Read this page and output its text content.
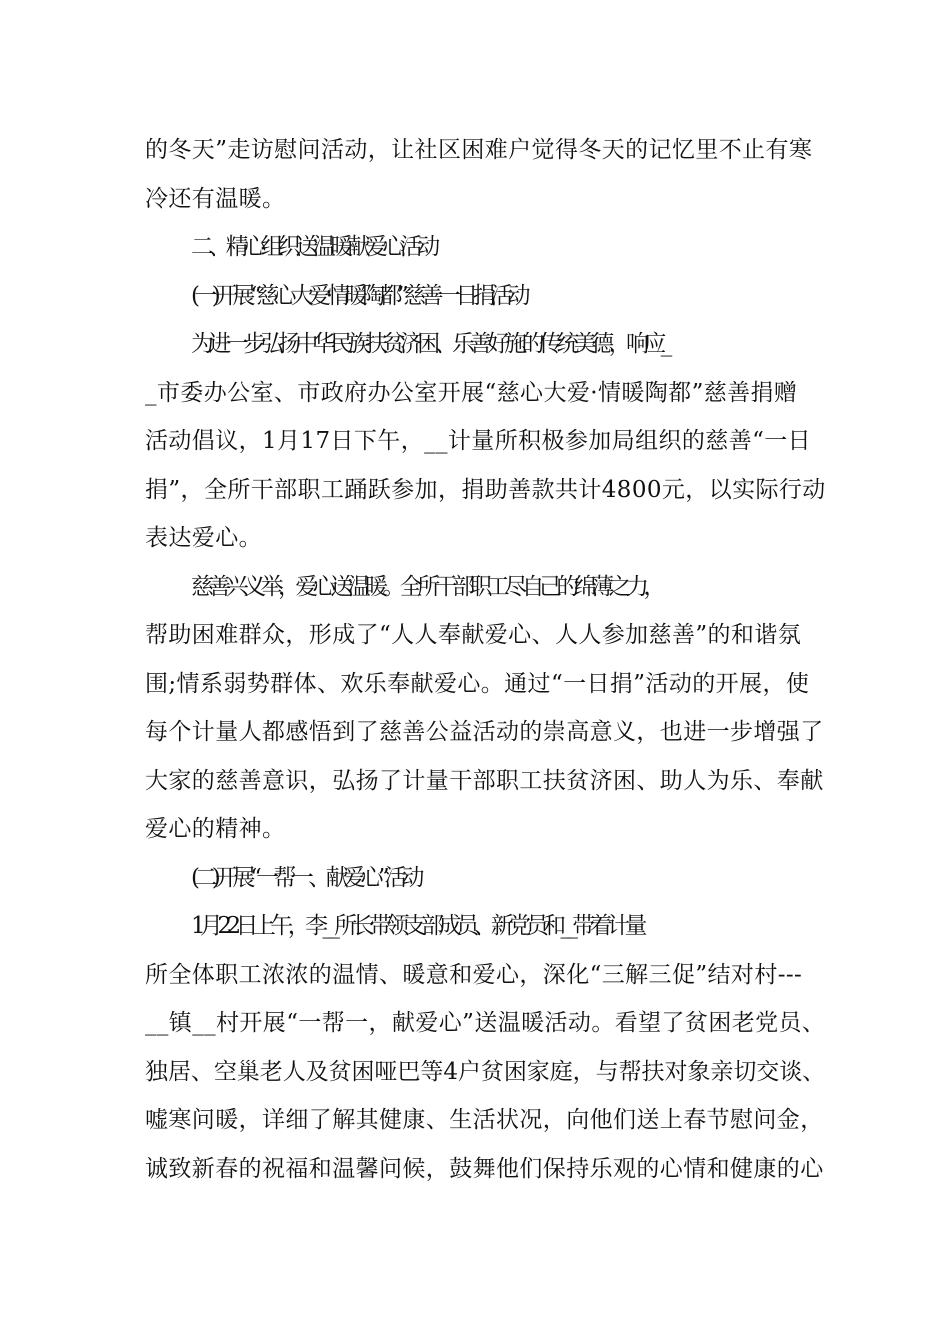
的冬天”走访慰问活动，让社区困难户觉得冬天的记忆里不止有寒
冷还有温暖。
二、精心组织送温暖献爱心活动
(一)开展“慈心大爱·情暖陶都”慈善一日捐活动
为进一步弘扬中华民族扶贫济困、乐善好施的传统美德，响应_
_市委办公室、市政府办公室开展“慈心大爱·情暖陶都”慈善捐赠
活动倡议，1月17日下午，__计量所积极参加局组织的慈善“一日
捐”，全所干部职工踊跃参加，捐助善款共计4800元，以实际行动
表达爱心。
慈善兴义举，爱心送温暖。全所干部职工尽自己的绵薄之力，
帮助困难群众，形成了“人人奉献爱心、人人参加慈善”的和谐氛
围;情系弱势群体、欢乐奉献爱心。通过“一日捐”活动的开展，使
每个计量人都感悟到了慈善公益活动的崇高意义，也进一步增强了
大家的慈善意识，弘扬了计量干部职工扶贫济困、助人为乐、奉献
爱心的精神。
(二)开展“一帮一、献爱心”活动
1月22日上午，李__所长带领支部成员、新党员和__带着计量
所全体职工浓浓的温情、暖意和爱心，深化“三解三促”结对村---
__镇__村开展“一帮一，献爱心”送温暖活动。看望了贫困老党员、
独居、空巢老人及贫困哑巴等4户贫困家庭，与帮扶对象亲切交谈、
嘘寒问暖，详细了解其健康、生活状况，向他们送上春节慰问金，
诚致新春的祝福和温馨问候，鼓舞他们保持乐观的心情和健康的心
